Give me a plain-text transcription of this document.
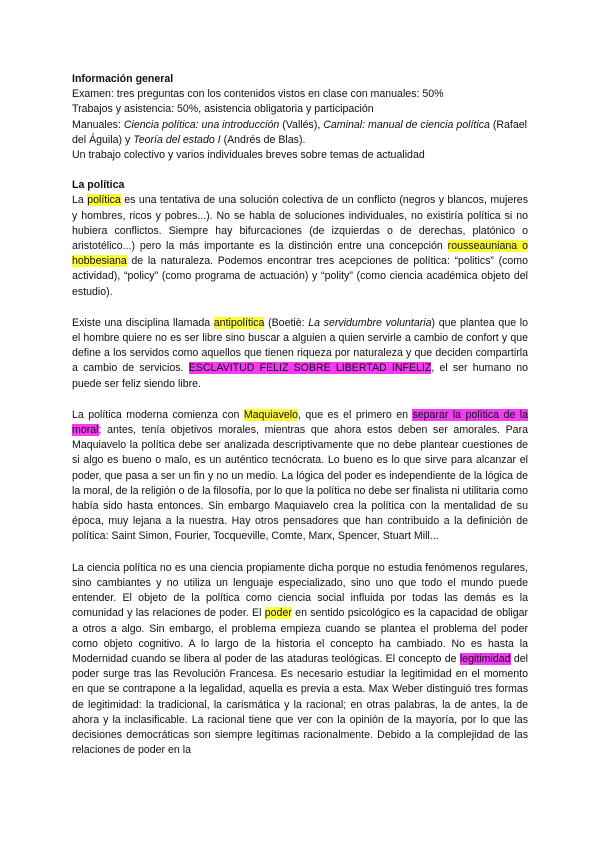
Información general

Examen: tres preguntas con los contenidos vistos en clase con manuales: 50%

Trabajos y asistencia: 50%, asistencia obligatoria y participación

Manuales: Ciencia política: una introducción (Vallés), Caminal: manual de ciencia política (Rafael del Águila) y Teoría del estado I (Andrés de Blas).

Un trabajo colectivo y varios individuales breves sobre temas de actualidad

La política

La política es una tentativa de una solución colectiva de un conflicto (negros y blancos, mujeres y hombres, ricos y pobres...). No se habla de soluciones individuales, no existiría política si no hubiera conflictos. Siempre hay bifurcaciones (de izquierdas o de derechas, platónico o aristotélico...) pero la más importante es la distinción entre una concepción rousseauniana o hobbesiana de la naturaleza. Podemos encontrar tres acepciones de política: “politics” (como actividad), “policy” (como programa de actuación) y “polity” (como ciencia académica objeto del estudio).

Existe una disciplina llamada antipolítica (Boetiè: La servidumbre voluntaria) que plantea que lo el hombre quiere no es ser libre sino buscar a alguien a quien servirle a cambio de confort y que define a los servidos como aquellos que tienen riqueza por naturaleza y que deciden compartirla a cambio de servicios. ESCLAVITUD FELIZ SOBRE LIBERTAD INFELIZ, el ser humano no puede ser feliz siendo libre.

La política moderna comienza con Maquiavelo, que es el primero en separar la política de la moral; antes, tenía objetivos morales, mientras que ahora estos deben ser amorales. Para Maquiavelo la política debe ser analizada descriptivamente que no debe plantear cuestiones de si algo es bueno o malo, es un auténtico tecnócrata. Lo bueno es lo que sirve para alcanzar el poder, que pasa a ser un fin y no un medio. La lógica del poder es independiente de la lógica de la moral, de la religión o de la filosofía, por lo que la política no debe ser finalista ni utilitaria como había sido hasta entonces. Sin embargo Maquiavelo crea la política con la mentalidad de su época, muy lejana a la nuestra. Hay otros pensadores que han contribuido a la definición de política: Saint Simon, Fourier, Tocqueville, Comte, Marx, Spencer, Stuart Mill...

La ciencia política no es una ciencia propiamente dicha porque no estudia fenómenos regulares, sino cambiantes y no utiliza un lenguaje especializado, sino uno que todo el mundo puede entender. El objeto de la política como ciencia social influida por todas las demás es la comunidad y las relaciones de poder. El poder en sentido psicológico es la capacidad de obligar a otros a algo. Sin embargo, el problema empieza cuando se plantea el problema del poder como objeto cognitivo. A lo largo de la historia el concepto ha cambiado. No es hasta la Modernidad cuando se libera al poder de las ataduras teológicas. El concepto de legitimidad del poder surge tras las Revolución Francesa. Es necesario estudiar la legitimidad en el momento en que se contrapone a la legalidad, aquella es previa a esta. Max Weber distinguió tres formas de legitimidad: la tradicional, la carismática y la racional; en otras palabras, la de antes, la de ahora y la inclasificable. La racional tiene que ver con la opinión de la mayoría, por lo que las decisiones democráticas son siempre legítimas racionalmente. Debido a la complejidad de las relaciones de poder en la
